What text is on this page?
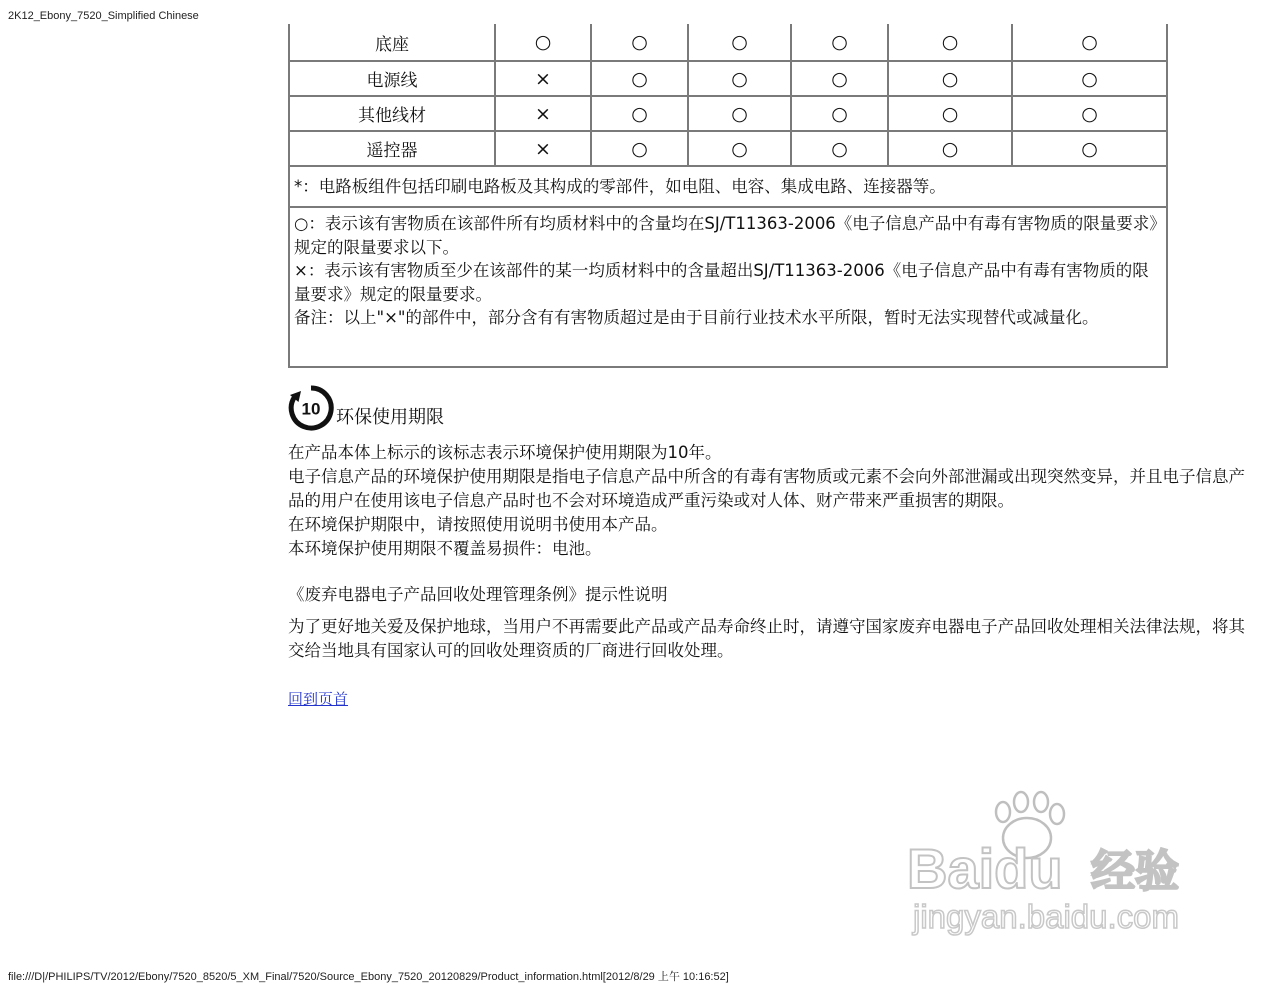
2K12_Ebony_7520_Simplified Chinese
底座	○	○	○	○	○	○
电源线	×	○	○	○	○	○
其他线材	×	○	○	○	○	○
遥控器	×	○	○	○	○	○
*：电路板组件包括印刷电路板及其构成的零部件，如电阻、电容、集成电路、连接器等。						

○：表示该有害物质在该部件所有均质材料中的含量均在SJ/T11363-2006《电子信息产品中有毒有害物质的限量要求》规定的限量要求以下。

×：表示该有害物质至少在该部件的某一均质材料中的含量超出SJ/T11363-2006《电子信息产品中有毒有害物质的限量要求》规定的限量要求。

备注：以上"×"的部件中，部分含有有害物质超过是由于目前行业技术水平所限，暂时无法实现替代或减量化。						

10 环保使用期限

在产品本体上标示的该标志表示环境保护使用期限为10年。

电子信息产品的环境保护使用期限是指电子信息产品中所含的有毒有害物质或元素不会向外部泄漏或出现突然变异，并且电子信息产品的用户在使用该电子信息产品时也不会对环境造成严重污染或对人体、财产带来严重损害的期限。

在环境保护期限中，请按照使用说明书使用本产品。

本环境保护使用期限不覆盖易损件：电池。

《废弃电器电子产品回收处理管理条例》提示性说明
为了更好地关爱及保护地球，当用户不再需要此产品或产品寿命终止时，请遵守国家废弃电器电子产品回收处理相关法律法规，将其交给当地具有国家认可的回收处理资质的厂商进行回收处理。
回到页首
Baidu 经验
jingyan.baidu.com
file:///D|/PHILIPS/TV/2012/Ebony/7520_8520/5_XM_Final/7520/Source_Ebony_7520_20120829/Product_information.html[2012/8/29 上午 10:16:52]
